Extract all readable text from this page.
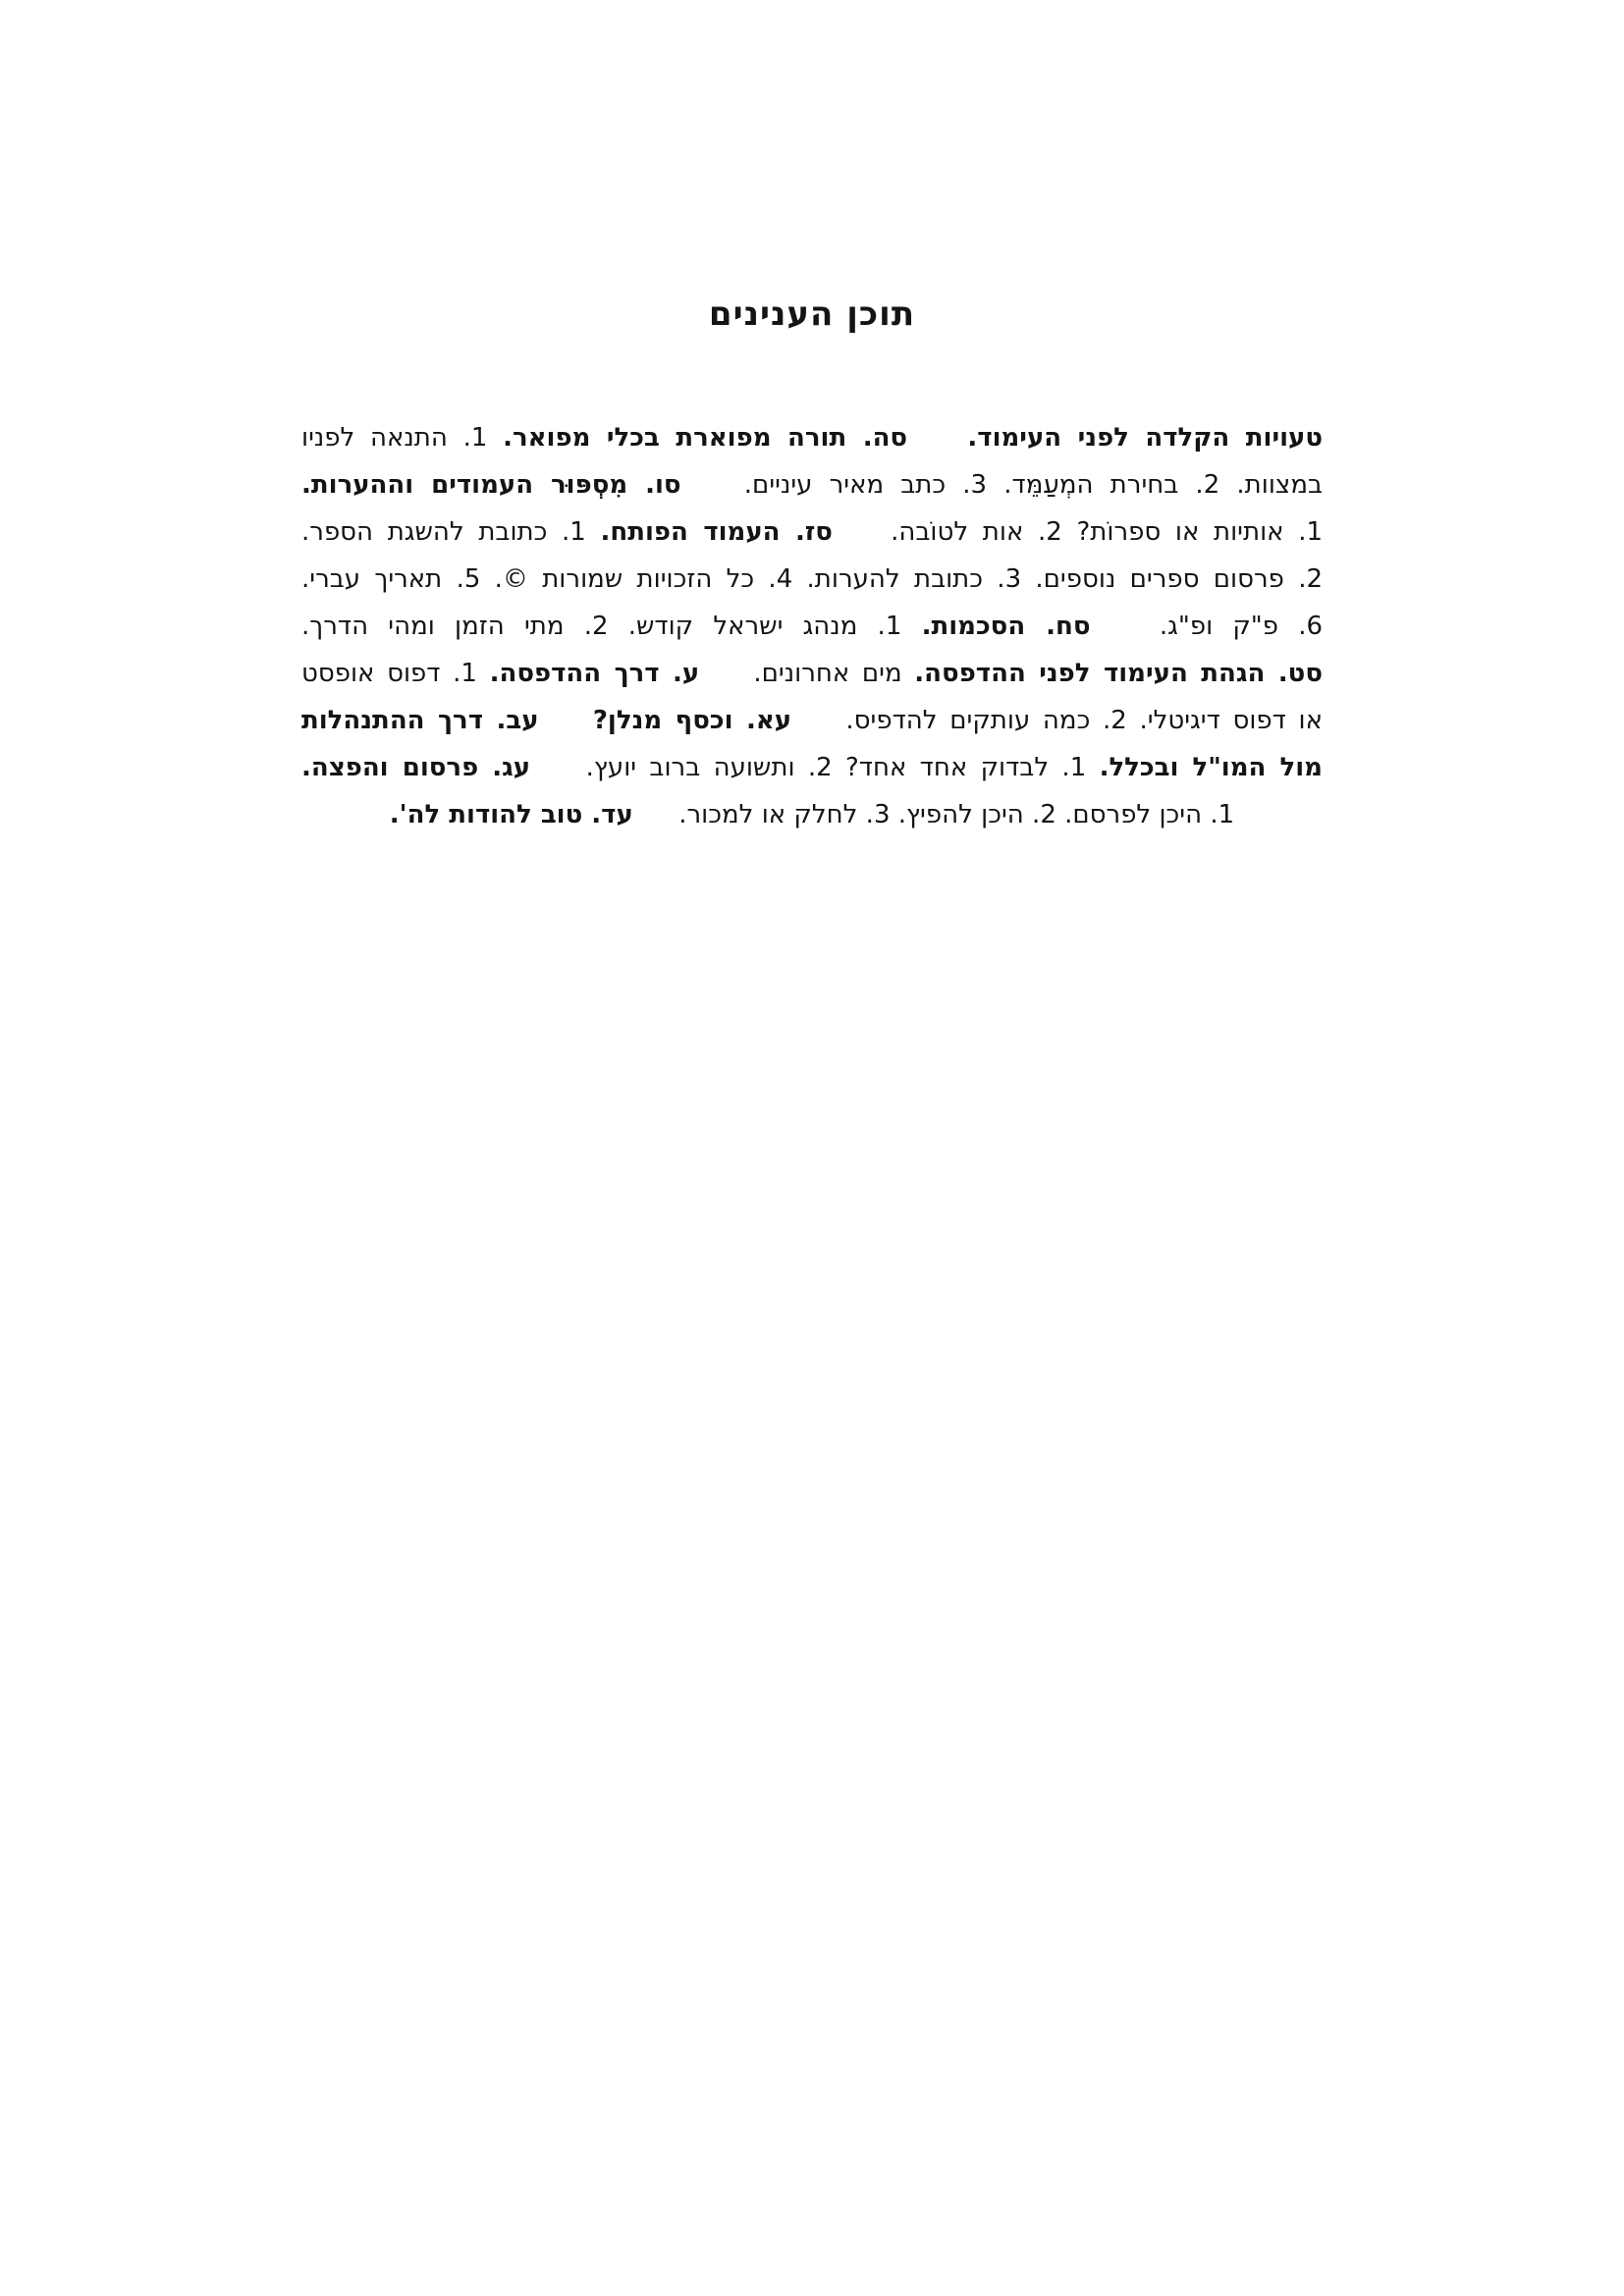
תוכן הענינים
טעויות הקלדה לפני העימוד.  סה. תורה מפוארת בכלי מפואר. 1. התנאה לפניו
במצוות. 2. בחירת המְעַמֵּד. 3. כתב מאיר עיניים.  סו. מִסְפּוּר העמודים וההערות.
1. אותיות או ספרוֹת? 2. אות לטוֹבה.  סז. העמוד הפותח. 1. כתובת להשגת הספר.
2. פרסום ספרים נוספים. 3. כתובת להערות. 4. כל הזכויות שמורות ©. 5. תאריך עברי.
6. פ"ק ופ"ג.  סח. הסכמות. 1. מנהג ישראל קודש. 2. מתי הזמן ומהי הדרך.
סט. הגהת העימוד לפני ההדפסה. מים אחרונים.  ע. דרך ההדפסה. 1. דפוס אופסט
או דפוס דיגיטלי. 2. כמה עותקים להדפיס.  עא. וכסף מנלן?  עב. דרך ההתנהלות
מול המו"ל ובכלל. 1. לבדוק אחד אחד? 2. ותשועה ברוב יועץ.  עג. פרסום והפצה.
1. היכן לפרסם. 2. היכן להפיץ. 3. לחלק או למכור.  עד. טוב להודות לה'.
